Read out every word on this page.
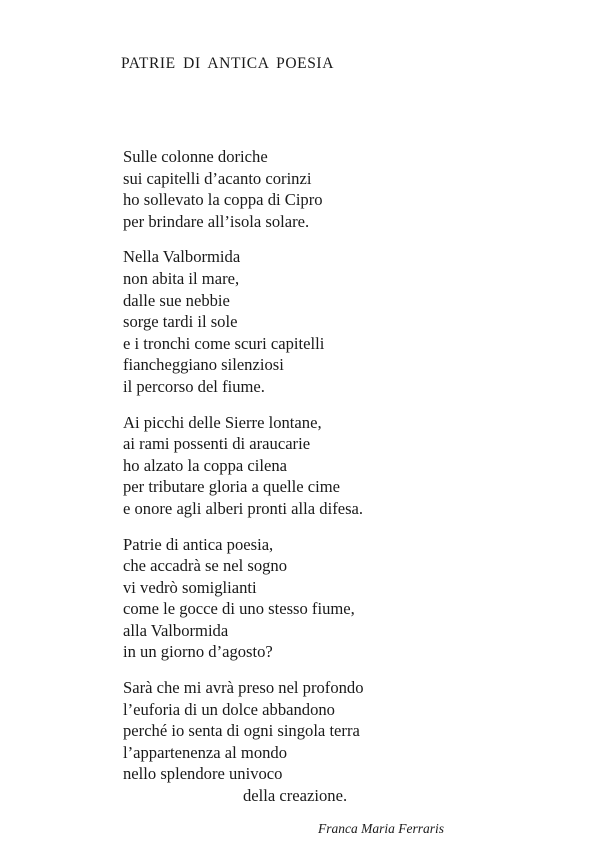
PATRIE DI ANTICA POESIA
Sulle colonne doriche
sui capitelli d’acanto corinzi
ho sollevato la coppa di Cipro
per brindare all’isola solare.
Nella Valbormida
non abita il mare,
dalle sue nebbie
sorge tardi il sole
e i tronchi come scuri capitelli
fiancheggiano silenziosi
il percorso del fiume.
Ai picchi delle Sierre lontane,
ai rami possenti di araucarie
ho alzato la coppa cilena
per tributare gloria a quelle cime
e onore agli alberi pronti alla difesa.
Patrie di antica poesia,
che accadrà se nel sogno
vi vedrò somiglianti
come le gocce di uno stesso fiume,
alla Valbormida
in un giorno d’agosto?
Sarà che mi avrà preso nel profondo
l’euforia di un dolce abbandono
perché io senta di ogni singola terra
l’appartenenza al mondo
nello splendore univoco
della creazione.
Franca Maria Ferraris
